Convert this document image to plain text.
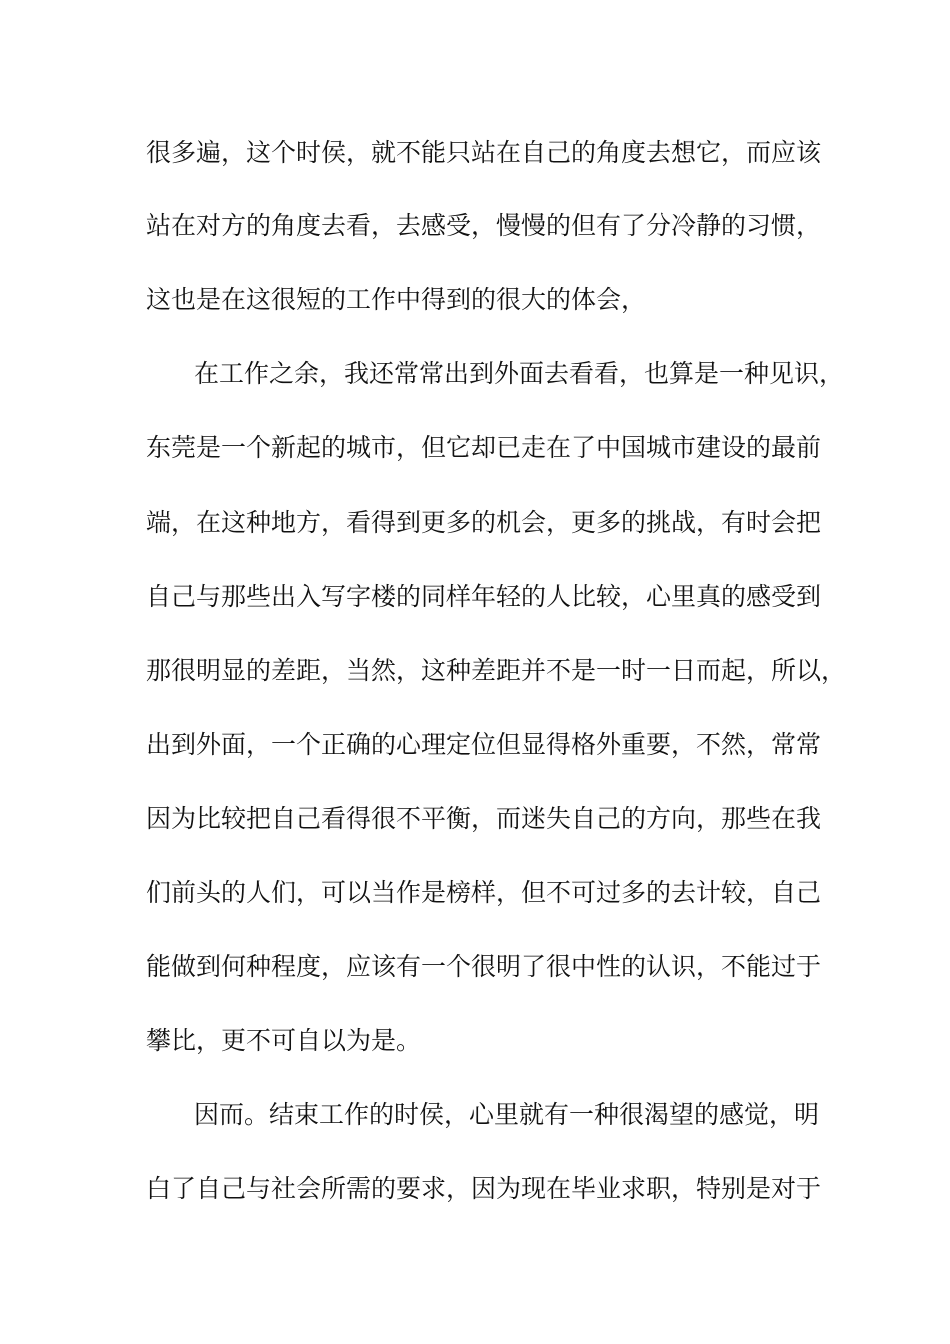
很多遍，这个时侯，就不能只站在自己的角度去想它，而应该
站在对方的角度去看，去感受，慢慢的但有了分冷静的习惯，
这也是在这很短的工作中得到的很大的体会，
在工作之余，我还常常出到外面去看看，也算是一种见识，
东莞是一个新起的城市，但它却已走在了中国城市建设的最前
端，在这种地方，看得到更多的机会，更多的挑战，有时会把
自己与那些出入写字楼的同样年轻的人比较，心里真的感受到
那很明显的差距，当然，这种差距并不是一时一日而起，所以，
出到外面，一个正确的心理定位但显得格外重要，不然，常常
因为比较把自己看得很不平衡，而迷失自己的方向，那些在我
们前头的人们，可以当作是榜样，但不可过多的去计较，自己
能做到何种程度，应该有一个很明了很中性的认识，不能过于
攀比，更不可自以为是。
因而。结束工作的时侯，心里就有一种很渴望的感觉，明
白了自己与社会所需的要求，因为现在毕业求职，特别是对于
